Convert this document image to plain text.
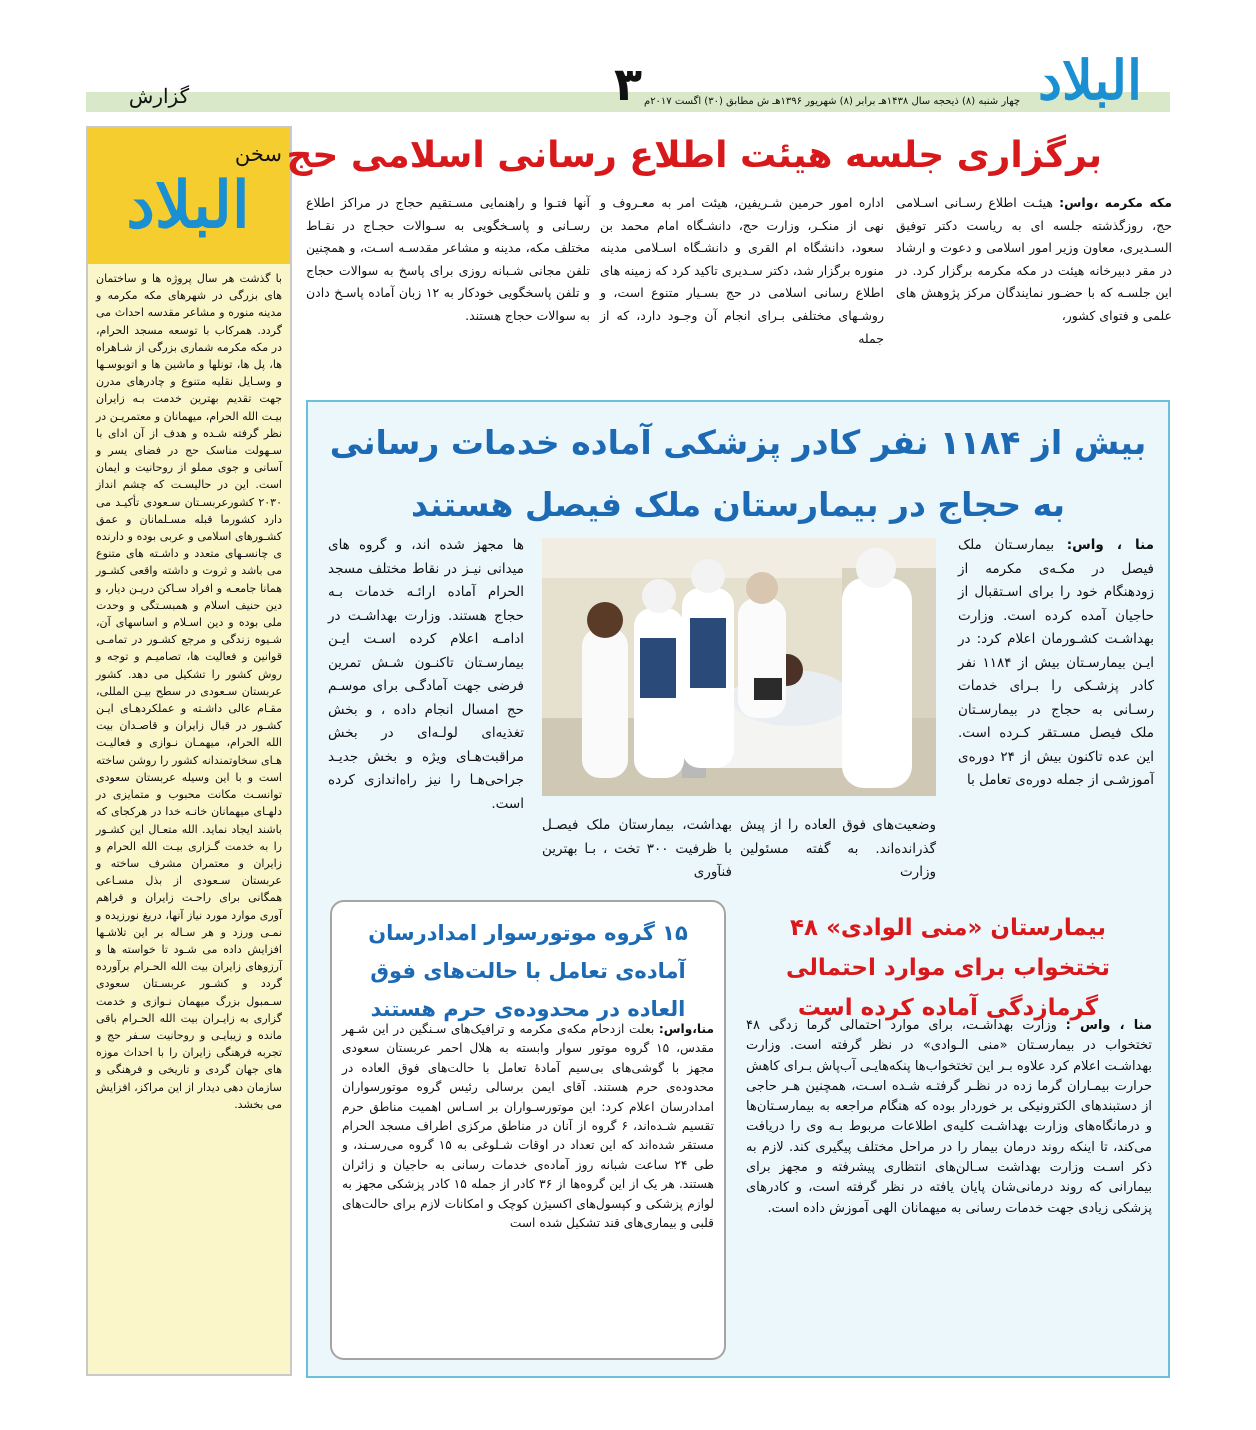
البلاد
۳ چهار شنبه (۸) ذیحجه سال ۱۴۳۸هـ برابر (۸) شهریور ۱۳۹۶هـ ش مطابق (۳۰) اگست ۲۰۱۷م
گزارش
سخن
البلاد
با گذشت هر سال پروژه ها و ساختمان های بزرگی در شهرهای مکه مکرمه و مدینه منوره و مشاعر مقدسه احداث می گردد. همرکاب با توسعه مسجد الحرام، در مکه مکرمه شماری بزرگی از شـاهراه ها، پل ها، تونلها و ماشین ها و اتوبوسـها و وسـایل نقلیه متنوع و چادرهای مدرن جهت تقدیم بهترین خدمت بـه زایران بیـت الله الحرام، میهمانان و معتمریـن در نظر گرفته شـده و هدف از آن ادای با سـهولت مناسک حج در فضای یسر و آسانی و جوی مملو از روحانیت و ایمان است. این در حالیسـت که چشم انداز ۲۰۳۰ کشورعربسـتان سـعودی تأکیـد می دارد کشورما قبله مسـلمانان و عمق کشـورهای اسلامی و عربی بوده و دارنده ی چانسـهای متعدد و داشـته های متنوع می باشد و ثروت و داشته واقعی کشـور همانا جامعـه و افراد سـاکن دریـن دیار، و دین حنیف اسلام و همبسـتگی و وحدت ملی بوده و دین اسـلام و اساسهای آن، شـیوه زندگی و مرجع کشـور در تمامـی قوانین و فعالیت ها، تصامیـم و توجه و روش کشور را تشکیل می دهد. کشور عربستان سـعودی در سطح بیـن المللی، مقـام عالی داشـته و عملکردهـای ایـن کشـور در قبال زایران و قاصـدان بیت الله الحرام، میهمـان نـوازی و فعالیـت هـای سخاوتمندانه کشور را روشن ساخته است و با این وسیله عربستان سعودی توانسـت مکانت محبوب و متمایزی در دلهـای میهمانان خانـه خدا در هرکجای که باشند ایجاد نماید. الله متعـال این کشـور را به خدمت گـزاری بیـت الله الحرام و زایران و معتمران مشرف ساخته و عربستان سـعودی از بذل مسـاعی همگانی برای راحـت زایران و فراهم آوری موارد مورد نیاز آنها، دریغ نورزیده و نمـی ورزد و هر سـاله بر این تلاشـها افزایش داده می شـود تا خواسته ها و آرزوهای زایران بیت الله الحـرام برآورده گردد و کشـور عربسـتان سعودی سـمبول بزرگ میهمان نـوازی و خدمت گزاری به زایـران بیت الله الحـرام باقی مانده و زیبایـی و روحانیت سـفر حج و تجربه فرهنگی زایران را با احداث موزه های جهان گردی و تاریخی و فرهنگی و سازمان دهی دیدار از این مراکز، افزایش می بخشد.
برگزاری جلسه هیئت اطلاع رسانی اسلامی حج
مکه مکرمه ،واس: هیئـت اطلاع رسـانی اسـلامی حج، روزگذشته جلسه ای به ریاست دکتر توفیق السـدیری، معاون وزیر امور اسلامی و دعوت و ارشاد در مقر دبیرخانه هیئت در مکه مکرمه برگزار کرد. در این جلسـه که با حضـور نمایندگان مرکز پژوهش های علمی و فتوای کشور،
اداره امور حرمین شـریفین، هیئت امر به معـروف و نهی از منکـر، وزارت حج، دانشـگاه امام محمد بن سعود، دانشگاه ام القری و دانشـگاه اسـلامی مدینه منوره برگزار شد، دکتر سـدیری تاکید کرد که زمینه های اطلاع رسانی اسلامی در حج بسـیار متنوع است، و روشـهای مختلفی بـرای انجام آن وجـود دارد، که از جمله
آنها فتـوا و راهنمایی مسـتقیم حجاج در مراکز اطلاع رسـانی و پاسـخگویی به سـوالات حجـاج در نقـاط مختلف مکه، مدینه و مشاعر مقدسـه اسـت، و همچنین تلفن مجانی شـبانه روزی برای پاسخ به سوالات حجاج و تلفن پاسخگویی خودکار به ۱۲ زبان آماده پاسـخ دادن به سوالات حجاج هستند.
بیش از ۱۱۸۴ نفر کادر پزشکی آماده خدمات رسانی به حجاج در بیمارستان ملک فیصل هستند
منا ، واس: بیمارسـتان ملک فیصل در مکـه‌ی مکرمه از زودهنگام خود را برای اسـتقبال از حاجیان آمده کرده است. وزارت بهداشـت کشـورمان اعلام کرد: در ایـن بیمارسـتان بیش از ۱۱۸۴ نفر کادر پزشـکی را بـرای خدمات رسـانی به حجاج در بیمارسـتان ملک فیصل مسـتقر کـرده است. این عده تاکنون بیش از ۲۴ دوره‌ی آموزشـی از جمله دوره‌ی تعامل با
ها مجهز شده اند، و گروه های میدانی نیـز در نقاط مختلف مسجد الحرام آماده ارائـه خدمات بـه حجاج هستند. وزارت بهداشـت در ادامـه اعلام کرده اسـت ایـن بیمارسـتان تاکنـون شـش تمرین فرضی جهت آمادگـی برای موسـم حج امسال انجام داده ، و بخش تغذیه‌ای لولـه‌ای در بخش مراقبت‌هـای ویژه و بخش جدیـد جراحی‌هـا را نیز راه‌اندازی کرده است.
وضعیت‌های فوق العاده را از پیش گذرانده‌اند. به گفته مسئولین وزارت
بهداشت، بیمارستان ملک فیصـل با ظرفیت ۳۰۰ تخت ، بـا بهترین فنآوری
۱۵ گروه موتورسوار امدادرسان آماده‌ی تعامل با حالت‌های فوق العاده در محدوده‌ی حرم هستند
منا،واس: بعلت ازدحام مکه‌ی مکرمه و ترافیک‌های سـنگین در این شـهر مقدس، ۱۵ گروه موتور سوار وابسته به هلال احمر عربستان سعودی مجهز با گوشی‌های بی‌سیم آمادهٔ تعامل با حالت‌های فوق العاده در محدوده‌ی حرم هستند. آقای ایمن برسالی رئیس گروه موتورسواران امدادرسان اعلام کرد: این موتورسـواران بر اسـاس اهمیت مناطق حرم تقسیم شـده‌اند، ۶ گروه از آنان در مناطق مرکزی اطراف مسجد الحرام مستقر شده‌اند که این تعداد در اوقات شـلوغی به ۱۵ گروه می‌رسـند، و طی ۲۴ ساعت شبانه روز آماده‌ی خدمات رسانی به حاجیان و زائران هستند. هر یک از این گروه‌ها از ۳۶ کادر از جمله ۱۵ کادر پزشکی مجهز به لوازم پزشکی و کپسول‌های اکسیژن کوچک و امکانات لازم برای حالت‌های قلبی و بیماری‌های قند تشکیل شده است
بیمارستان «منی الوادی» ۴۸ تختخواب برای موارد احتمالی گرمازدگی آماده کرده است
منا ، واس : وزارت بهداشـت، برای موارد احتمالی گرما زدگی ۴۸ تختخواب در بیمارسـتان «منی الـوادی» در نظر گرفته است. وزارت بهداشـت اعلام کرد علاوه بـر این تختخواب‌ها پنکه‌هایـی آب‌پاش بـرای کاهش حرارت بیمـاران گرما زده در نظـر گرفتـه شـده اسـت، همچنین هـر حاجی از دستبندهای الکترونیکی بر خوردار بوده که هنگام مراجعه به بیمارسـتان‌ها و درمانگاه‌های وزارت بهداشـت کلیه‌ی اطلاعات مربوط بـه وی را دریافت می‌کند، تا اینکه روند درمان بیمار را در مراحل مختلف پیگیری کند. لازم به ذکر اسـت وزارت بهداشت سـالن‌های انتظاری پیشرفته و مجهز برای بیمارانی که روند درمانی‌شان پایان یافته در نظر گرفته است، و کادرهای پزشکی زیادی جهت خدمات رسانی به میهمانان الهی آموزش داده است.
